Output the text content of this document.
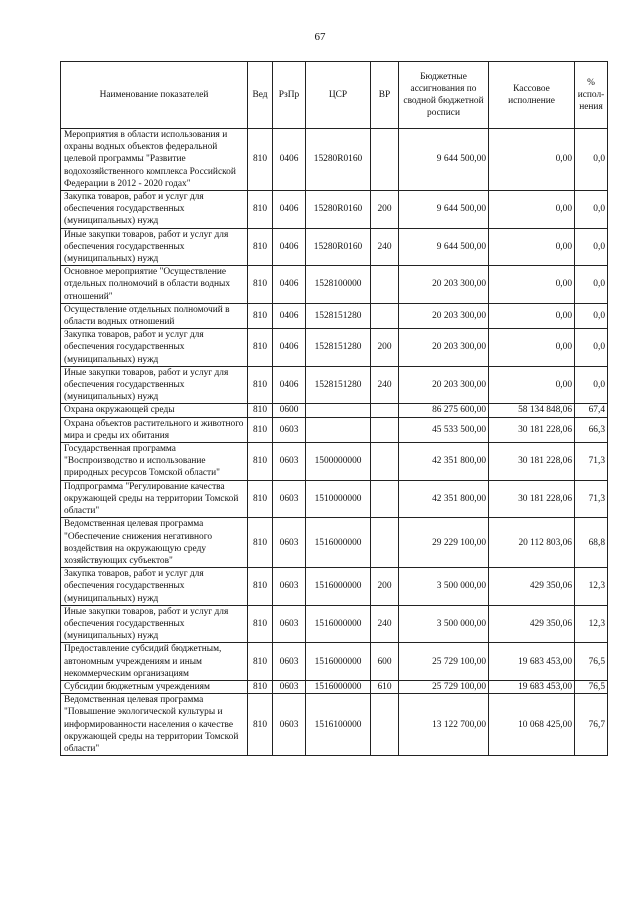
67
Наименование показателей	Вед	РзПр	ЦСР	ВР	Бюджетные ассигнования по сводной бюджетной росписи	Кассовое исполнение	% испол-нения
Мероприятия в области использования и охраны водных объектов федеральной целевой программы "Развитие водохозяйственного комплекса Российской Федерации в 2012 - 2020 годах"	810	0406	15280R0160		9 644 500,00	0,00	0,0
Закупка товаров, работ и услуг для обеспечения государственных (муниципальных) нужд	810	0406	15280R0160	200	9 644 500,00	0,00	0,0
Иные закупки товаров, работ и услуг для обеспечения государственных (муниципальных) нужд	810	0406	15280R0160	240	9 644 500,00	0,00	0,0
Основное мероприятие "Осуществление отдельных полномочий в области водных отношений"	810	0406	1528100000		20 203 300,00	0,00	0,0
Осуществление отдельных полномочий в области водных отношений	810	0406	1528151280		20 203 300,00	0,00	0,0
Закупка товаров, работ и услуг для обеспечения государственных (муниципальных) нужд	810	0406	1528151280	200	20 203 300,00	0,00	0,0
Иные закупки товаров, работ и услуг для обеспечения государственных (муниципальных) нужд	810	0406	1528151280	240	20 203 300,00	0,00	0,0
Охрана окружающей среды	810	0600			86 275 600,00	58 134 848,06	67,4
Охрана объектов растительного и животного мира и среды их обитания	810	0603			45 533 500,00	30 181 228,06	66,3
Государственная программа "Воспроизводство и использование природных ресурсов Томской области"	810	0603	1500000000		42 351 800,00	30 181 228,06	71,3
Подпрограмма "Регулирование качества окружающей среды на территории Томской области"	810	0603	1510000000		42 351 800,00	30 181 228,06	71,3
Ведомственная целевая программа "Обеспечение снижения негативного воздействия на окружающую среду хозяйствующих субъектов"	810	0603	1516000000		29 229 100,00	20 112 803,06	68,8
Закупка товаров, работ и услуг для обеспечения государственных (муниципальных) нужд	810	0603	1516000000	200	3 500 000,00	429 350,06	12,3
Иные закупки товаров, работ и услуг для обеспечения государственных (муниципальных) нужд	810	0603	1516000000	240	3 500 000,00	429 350,06	12,3
Предоставление субсидий бюджетным, автономным учреждениям и иным некоммерческим организациям	810	0603	1516000000	600	25 729 100,00	19 683 453,00	76,5
Субсидии бюджетным учреждениям	810	0603	1516000000	610	25 729 100,00	19 683 453,00	76,5
Ведомственная целевая программа "Повышение экологической культуры и информированности населения о качестве окружающей среды на территории Томской области"	810	0603	1516100000		13 122 700,00	10 068 425,00	76,7
